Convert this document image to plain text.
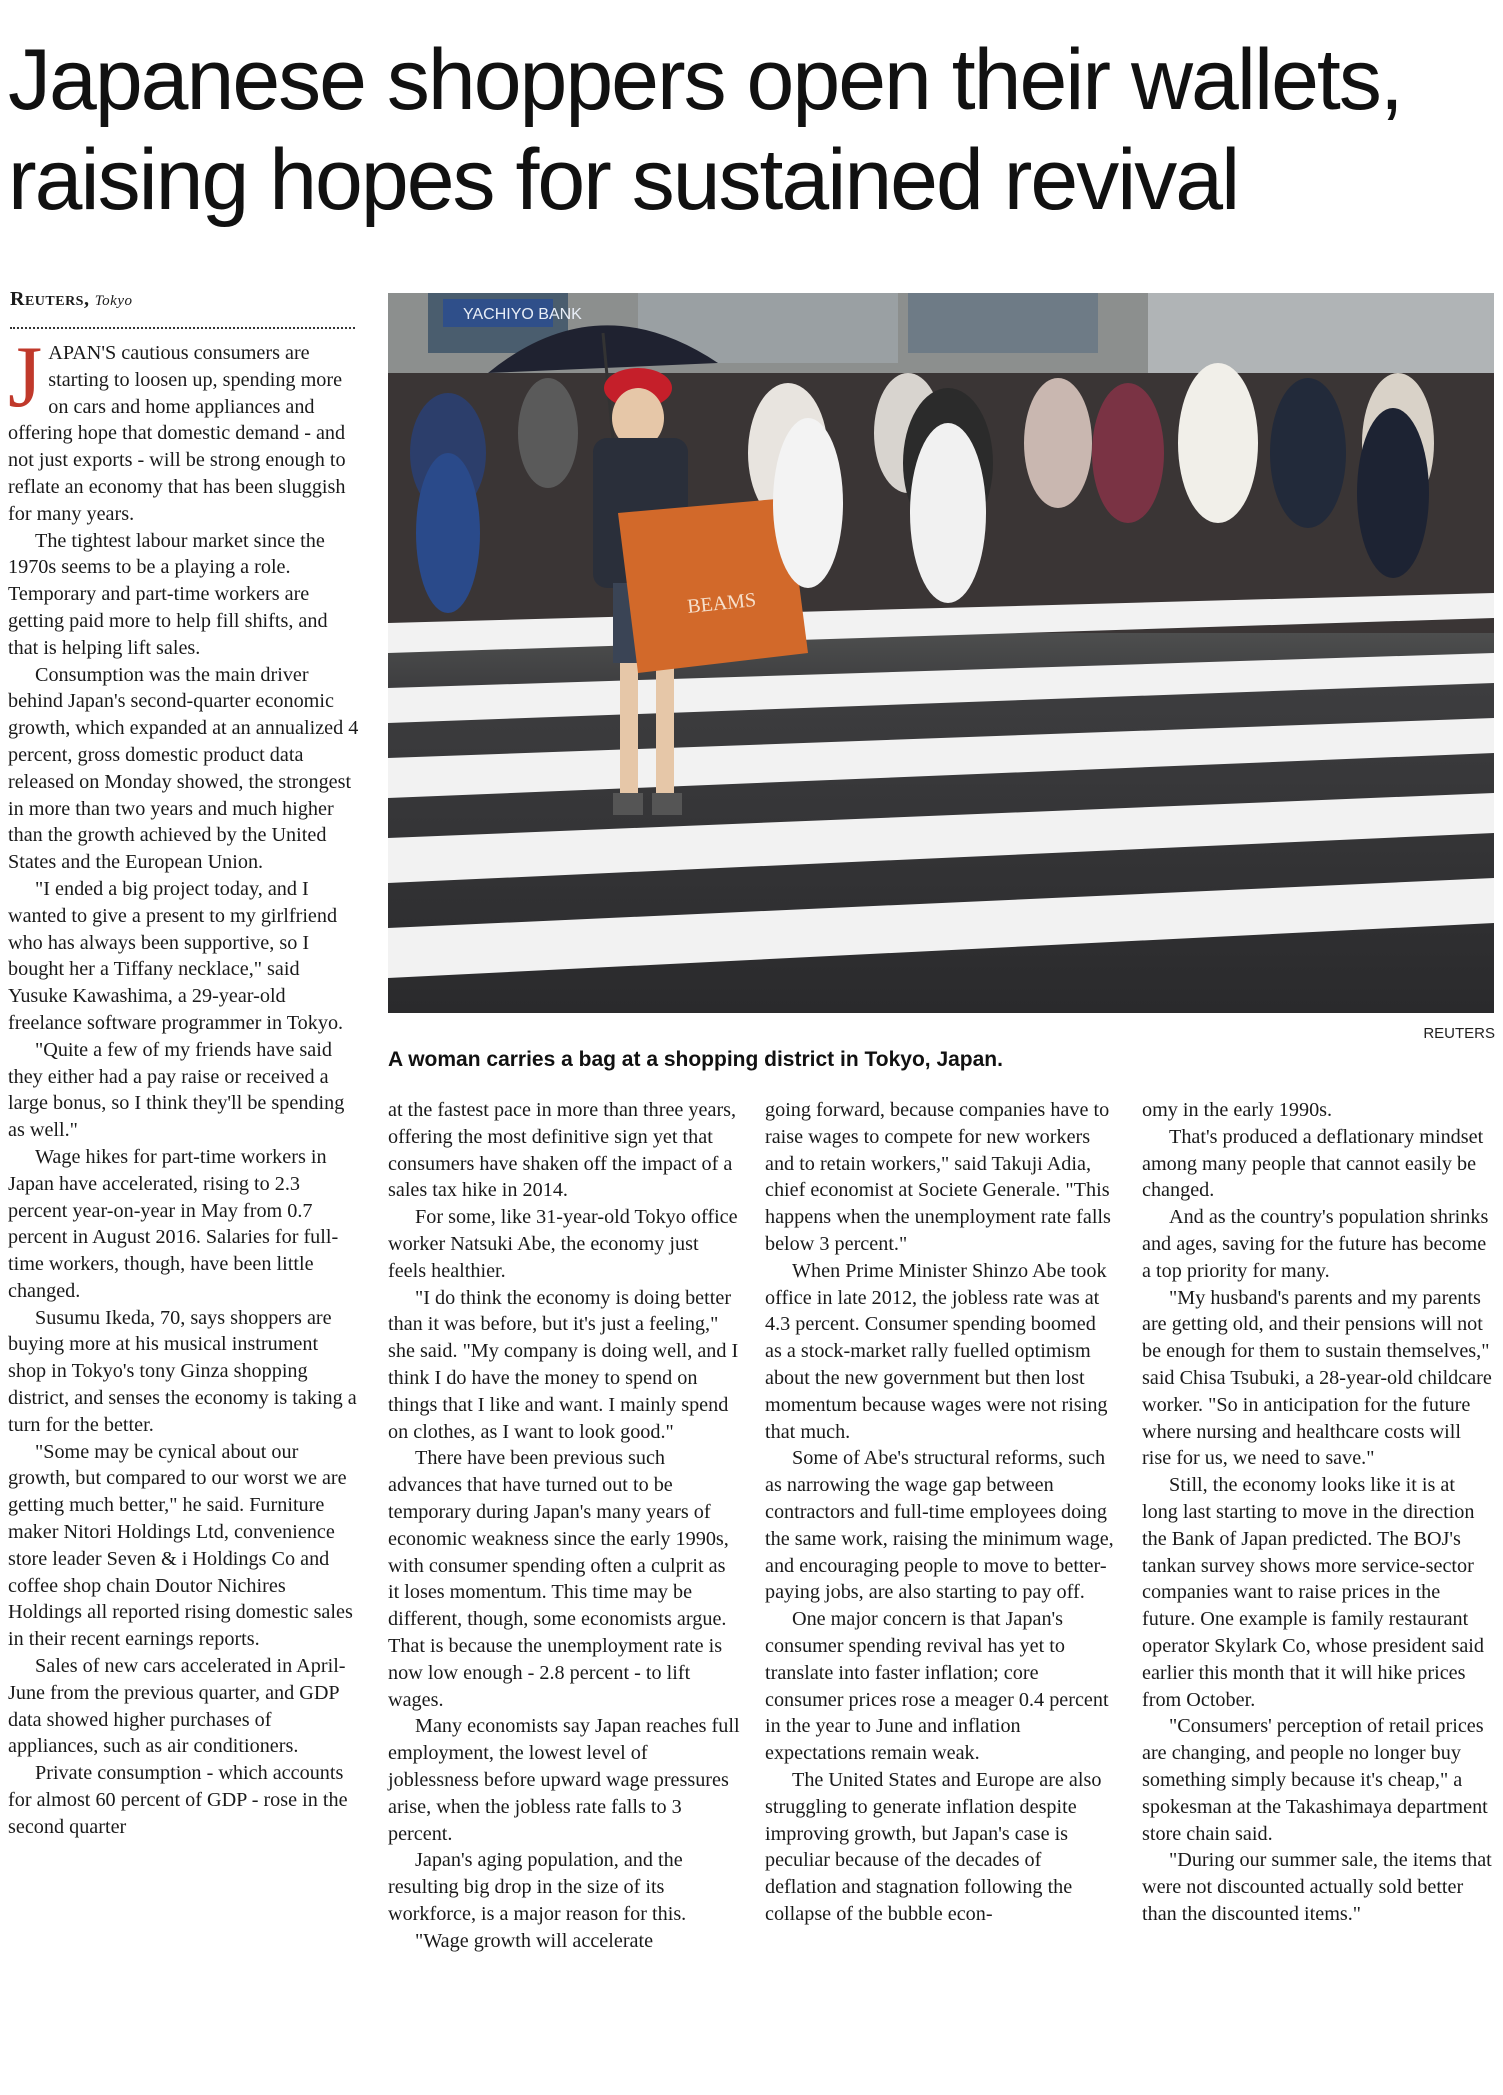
Japanese shoppers open their wallets,
raising hopes for sustained revival
Reuters, Tokyo
YACHIYO BANK
BEAMS
REUTERS
A woman carries a bag at a shopping district in Tokyo, Japan.

JAPAN'S cautious consumers are starting to loosen up, spending more on cars and home appliances and offering hope that domestic demand - and not just exports - will be strong enough to reflate an economy that has been sluggish for many years.

The tightest labour market since the 1970s seems to be a playing a role. Temporary and part-time workers are getting paid more to help fill shifts, and that is helping lift sales.

Consumption was the main driver behind Japan's second-quarter economic growth, which expanded at an annualized 4 percent, gross domestic product data released on Monday showed, the strongest in more than two years and much higher than the growth achieved by the United States and the European Union.

"I ended a big project today, and I wanted to give a present to my girlfriend who has always been supportive, so I bought her a Tiffany necklace," said Yusuke Kawashima, a 29-year-old freelance software programmer in Tokyo.

"Quite a few of my friends have said they either had a pay raise or received a large bonus, so I think they'll be spending as well."

Wage hikes for part-time workers in Japan have accelerated, rising to 2.3 percent year-on-year in May from 0.7 percent in August 2016. Salaries for full-time workers, though, have been little changed.

Susumu Ikeda, 70, says shoppers are buying more at his musical instrument shop in Tokyo's tony Ginza shopping district, and senses the economy is taking a turn for the better.

"Some may be cynical about our growth, but compared to our worst we are getting much better," he said. Furniture maker Nitori Holdings Ltd, convenience store leader Seven & i Holdings Co and coffee shop chain Doutor Nichires Holdings all reported rising domestic sales in their recent earnings reports.

Sales of new cars accelerated in April-June from the previous quarter, and GDP data showed higher purchases of appliances, such as air conditioners.

Private consumption - which accounts for almost 60 percent of GDP - rose in the second quarter

at the fastest pace in more than three years, offering the most definitive sign yet that consumers have shaken off the impact of a sales tax hike in 2014.

For some, like 31-year-old Tokyo office worker Natsuki Abe, the economy just feels healthier.

"I do think the economy is doing better than it was before, but it's just a feeling," she said. "My company is doing well, and I think I do have the money to spend on things that I like and want. I mainly spend on clothes, as I want to look good."

There have been previous such advances that have turned out to be temporary during Japan's many years of economic weakness since the early 1990s, with consumer spending often a culprit as it loses momentum. This time may be different, though, some economists argue. That is because the unemployment rate is now low enough - 2.8 percent - to lift wages.

Many economists say Japan reaches full employment, the lowest level of joblessness before upward wage pressures arise, when the jobless rate falls to 3 percent.

Japan's aging population, and the resulting big drop in the size of its workforce, is a major reason for this.

"Wage growth will accelerate

going forward, because companies have to raise wages to compete for new workers and to retain workers," said Takuji Adia, chief economist at Societe Generale. "This happens when the unemployment rate falls below 3 percent."

When Prime Minister Shinzo Abe took office in late 2012, the jobless rate was at 4.3 percent. Consumer spending boomed as a stock-market rally fuelled optimism about the new government but then lost momentum because wages were not rising that much.

Some of Abe's structural reforms, such as narrowing the wage gap between contractors and full-time employees doing the same work, raising the minimum wage, and encouraging people to move to better-paying jobs, are also starting to pay off.

One major concern is that Japan's consumer spending revival has yet to translate into faster inflation; core consumer prices rose a meager 0.4 percent in the year to June and inflation expectations remain weak.

The United States and Europe are also struggling to generate inflation despite improving growth, but Japan's case is peculiar because of the decades of deflation and stagnation following the collapse of the bubble econ-

omy in the early 1990s.

That's produced a deflationary mindset among many people that cannot easily be changed.

And as the country's population shrinks and ages, saving for the future has become a top priority for many.

"My husband's parents and my parents are getting old, and their pensions will not be enough for them to sustain themselves," said Chisa Tsubuki, a 28-year-old childcare worker. "So in anticipation for the future where nursing and healthcare costs will rise for us, we need to save."

Still, the economy looks like it is at long last starting to move in the direction the Bank of Japan predicted. The BOJ's tankan survey shows more service-sector companies want to raise prices in the future. One example is family restaurant operator Skylark Co, whose president said earlier this month that it will hike prices from October.

"Consumers' perception of retail prices are changing, and people no longer buy something simply because it's cheap," a spokesman at the Takashimaya department store chain said.

"During our summer sale, the items that were not discounted actually sold better than the discounted items."
